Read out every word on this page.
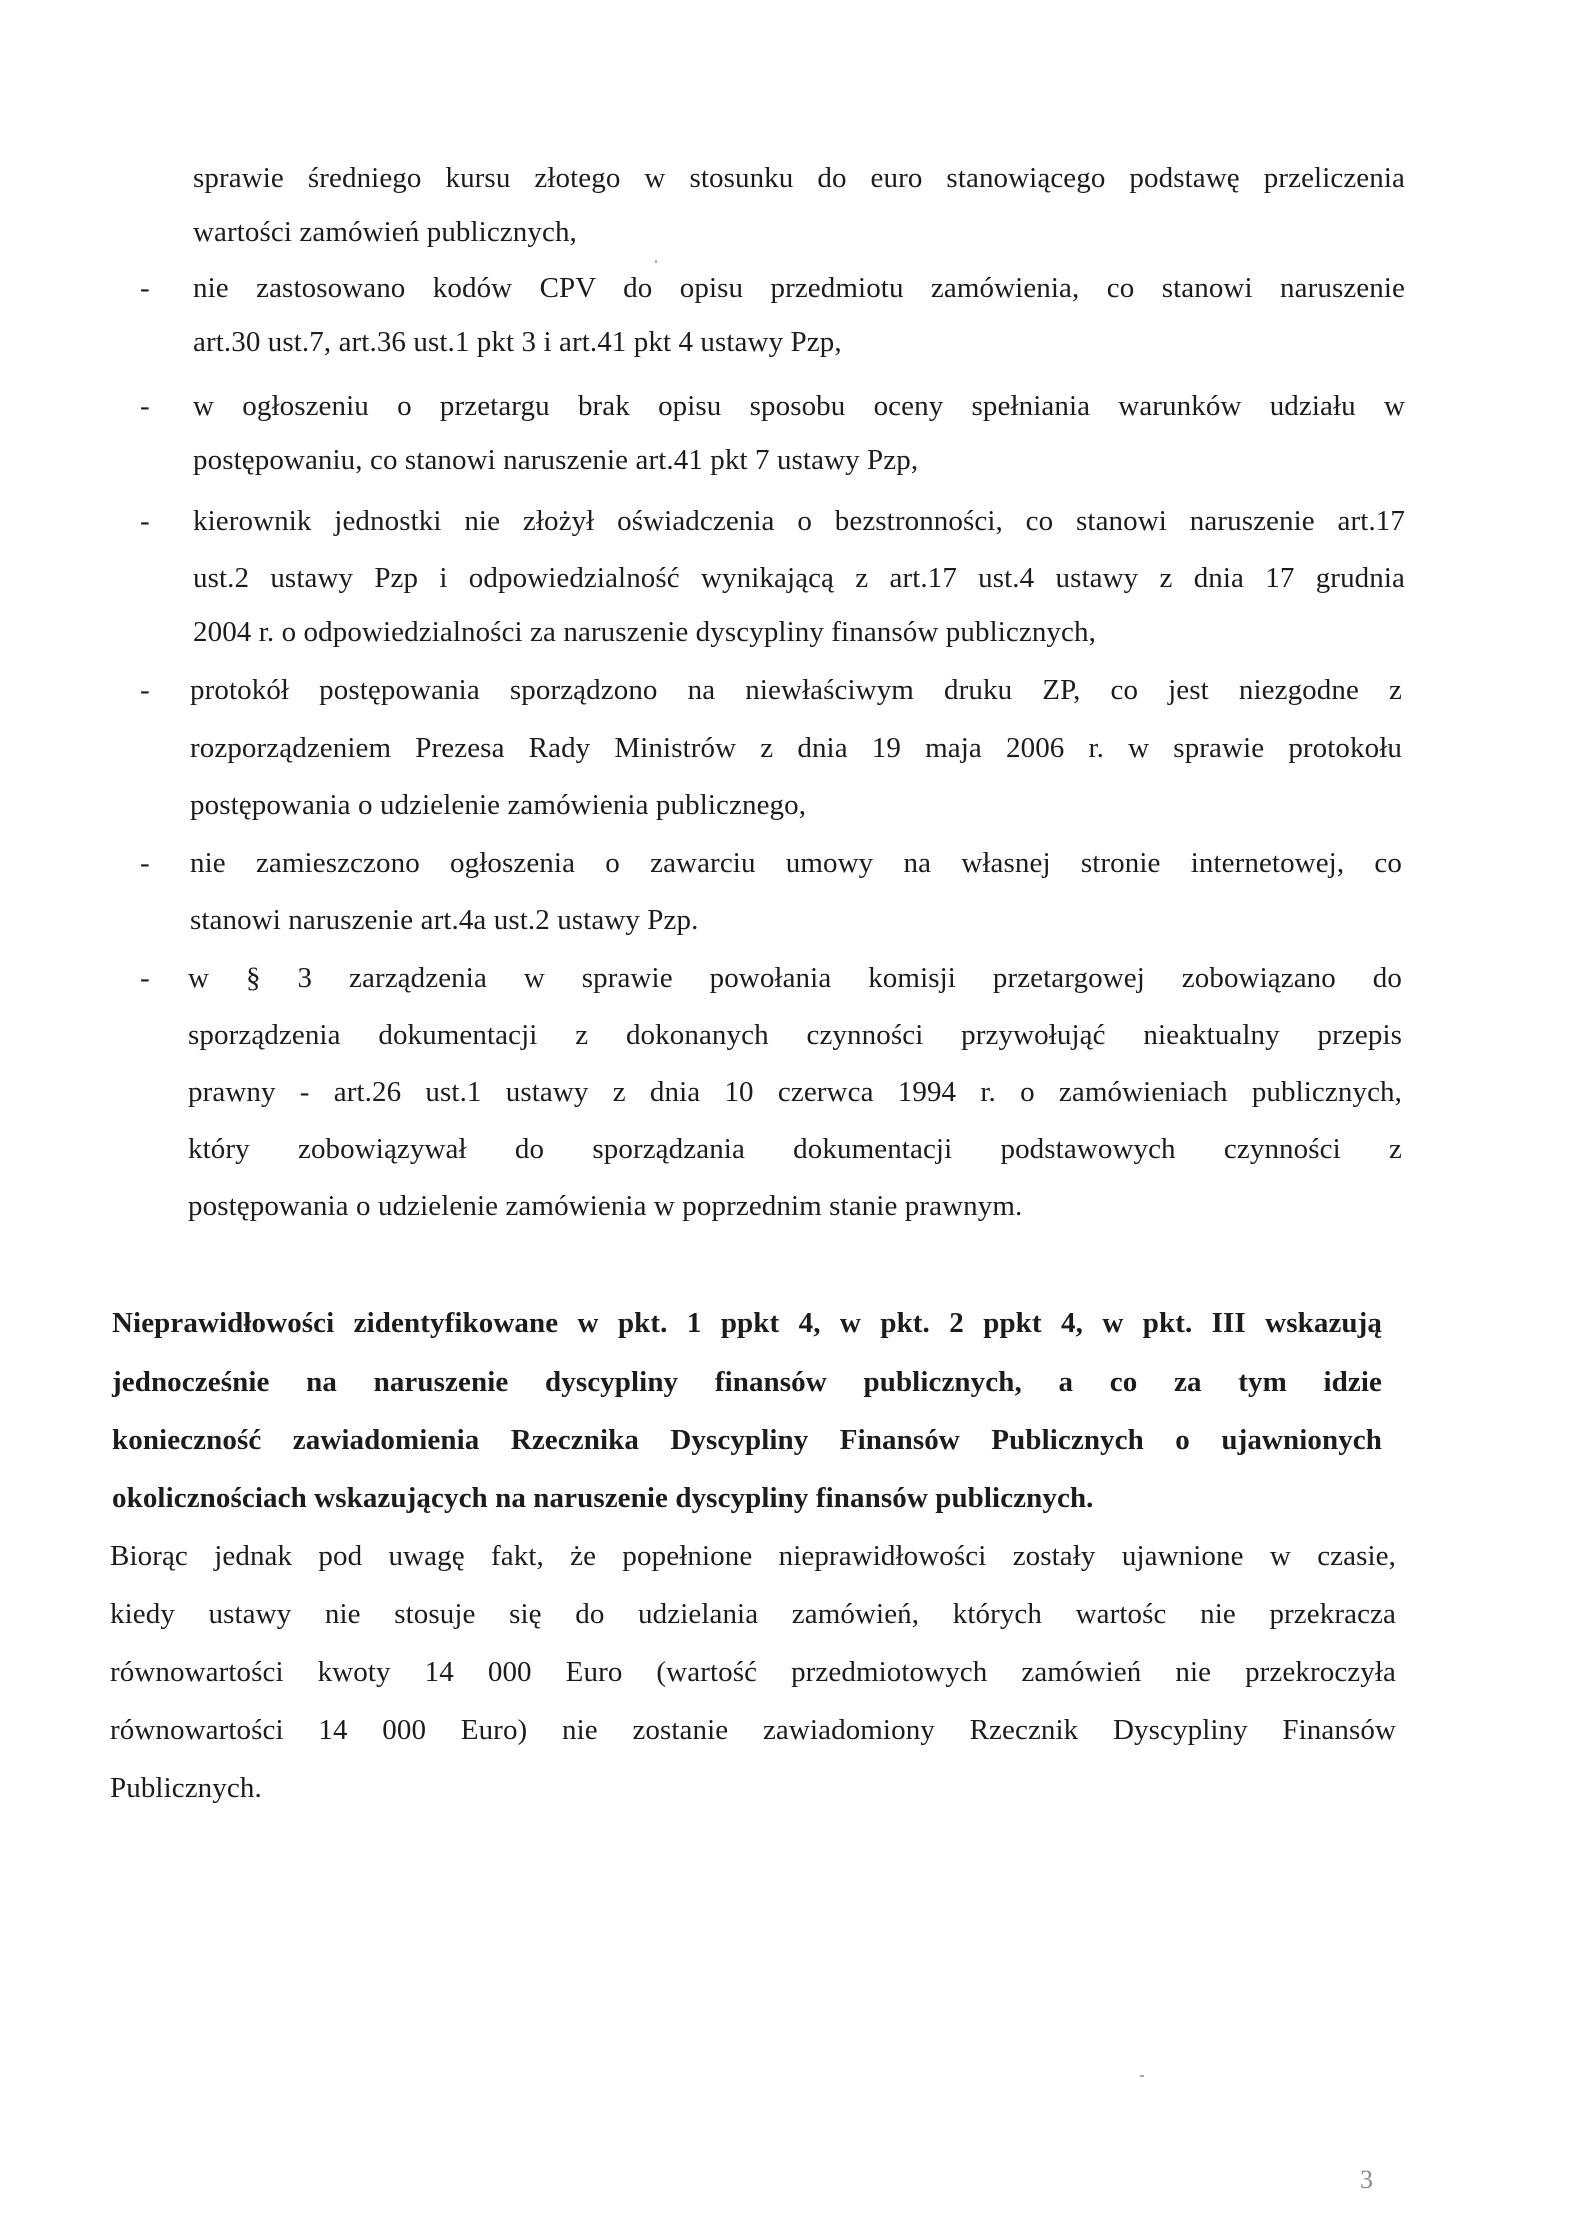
sprawie średniego kursu złotego w stosunku do euro stanowiącego podstawę przeliczenia
wartości zamówień publicznych,
- nie zastosowano kodów CPV do opisu przedmiotu zamówienia, co stanowi naruszenie
art.30 ust.7, art.36 ust.1 pkt 3 i art.41 pkt 4 ustawy Pzp,
- w ogłoszeniu o przetargu brak opisu sposobu oceny spełniania warunków udziału w
postępowaniu, co stanowi naruszenie art.41 pkt 7 ustawy Pzp,
- kierownik jednostki nie złożył oświadczenia o bezstronności, co stanowi naruszenie art.17
ust.2 ustawy Pzp i odpowiedzialność wynikającą z art.17 ust.4 ustawy z dnia 17 grudnia
2004 r. o odpowiedzialności za naruszenie dyscypliny finansów publicznych,
- protokół postępowania sporządzono na niewłaściwym druku ZP, co jest niezgodne z
rozporządzeniem Prezesa Rady Ministrów z dnia 19 maja 2006 r. w sprawie protokołu
postępowania o udzielenie zamówienia publicznego,
- nie zamieszczono ogłoszenia o zawarciu umowy na własnej stronie internetowej, co
stanowi naruszenie art.4a ust.2 ustawy Pzp.
- w § 3 zarządzenia w sprawie powołania komisji przetargowej zobowiązano do
sporządzenia dokumentacji z dokonanych czynności przywołująć nieaktualny przepis
prawny - art.26 ust.1 ustawy z dnia 10 czerwca 1994 r. o zamówieniach publicznych,
który zobowiązywał do sporządzania dokumentacji podstawowych czynności z
postępowania o udzielenie zamówienia w poprzednim stanie prawnym.
Nieprawidłowości zidentyfikowane w pkt. 1 ppkt 4, w pkt. 2 ppkt 4, w pkt. III wskazują
jednocześnie na naruszenie dyscypliny finansów publicznych, a co za tym idzie
konieczność zawiadomienia Rzecznika Dyscypliny Finansów Publicznych o ujawnionych
okolicznościach wskazujących na naruszenie dyscypliny finansów publicznych.
Biorąc jednak pod uwagę fakt, że popełnione nieprawidłowości zostały ujawnione w czasie,
kiedy ustawy nie stosuje się do udzielania zamówień, których wartośc nie przekracza
równowartości kwoty 14 000 Euro (wartość przedmiotowych zamówień nie przekroczyła
równowartości 14 000 Euro) nie zostanie zawiadomiony Rzecznik Dyscypliny Finansów
Publicznych.
3
